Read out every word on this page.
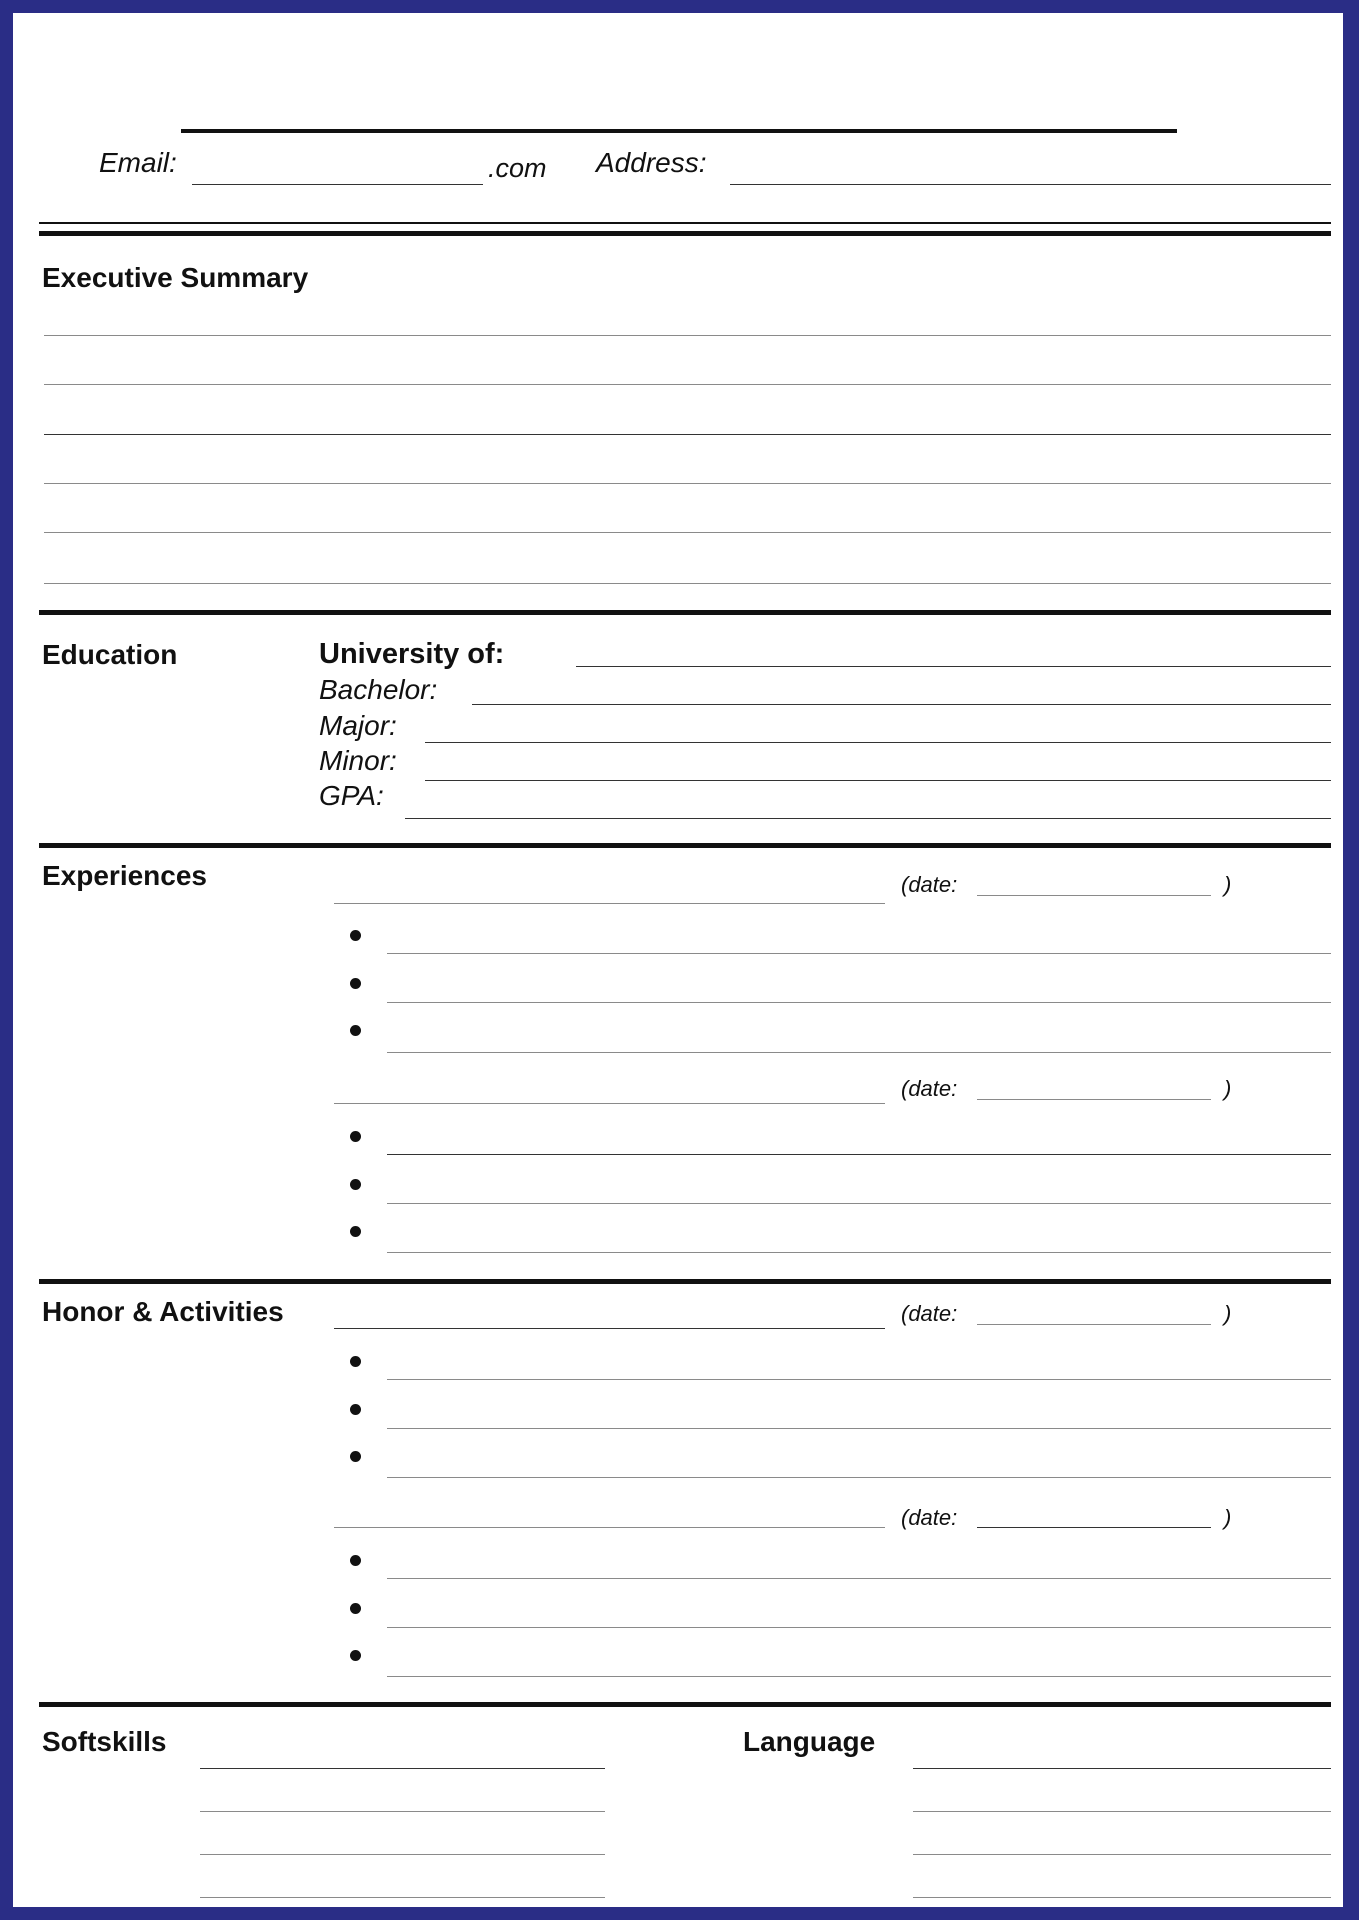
Email:	.com Address:
Executive Summary
Education	University of:
Bachelor:
Major:
Minor:
GPA:
Experiences	(date:	)
(date:	)
Honor & Activities	(date:	)
(date:	)
Softskills	Language
